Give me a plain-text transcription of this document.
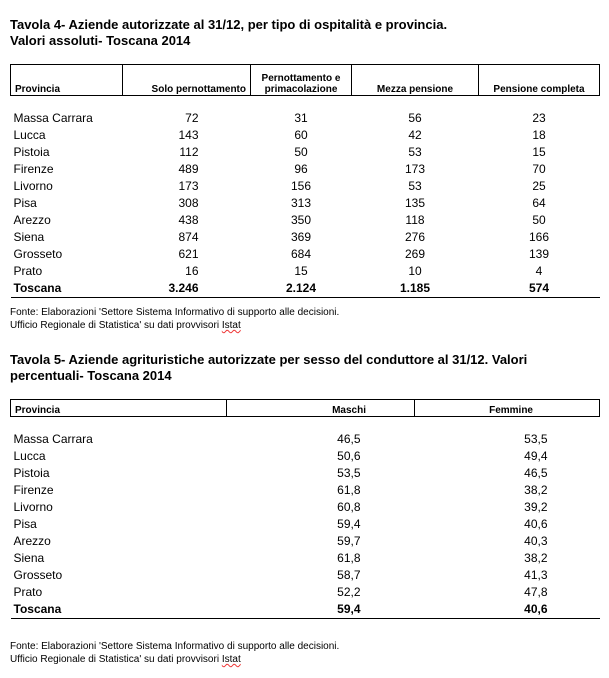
Tavola 4- Aziende autorizzate al 31/12, per tipo di ospitalità e provincia.
Valori assoluti- Toscana 2014
Provincia	Solo pernottamento	Pernottamento e primacolazione	Mezza pensione	Pensione completa

Massa Carrara	72	31	56	23
Lucca	143	60	42	18
Pistoia	112	50	53	15
Firenze	489	96	173	70
Livorno	173	156	53	25
Pisa	308	313	135	64
Arezzo	438	350	118	50
Siena	874	369	276	166
Grosseto	621	684	269	139
Prato	16	15	10	4
Toscana	3.246	2.124	1.185	574
Fonte: Elaborazioni 'Settore Sistema Informativo di supporto alle decisioni.
Ufficio Regionale di Statistica' su dati provvisori Istat
Tavola 5- Aziende agrituristiche autorizzate per sesso del conduttore al 31/12. Valori
percentuali- Toscana 2014
Provincia	Maschi	Femmine

Massa Carrara	46,5	53,5
Lucca	50,6	49,4
Pistoia	53,5	46,5
Firenze	61,8	38,2
Livorno	60,8	39,2
Pisa	59,4	40,6
Arezzo	59,7	40,3
Siena	61,8	38,2
Grosseto	58,7	41,3
Prato	52,2	47,8
Toscana	59,4	40,6
Fonte: Elaborazioni 'Settore Sistema Informativo di supporto alle decisioni.
Ufficio Regionale di Statistica' su dati provvisori Istat
